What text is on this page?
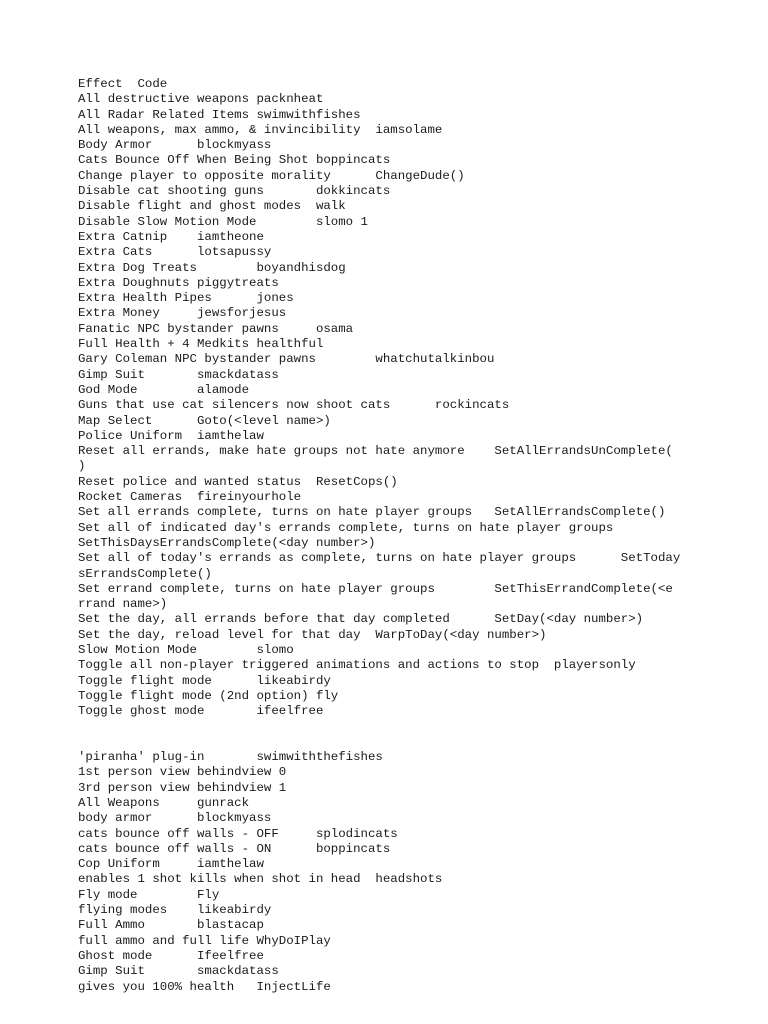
Effect  Code
All destructive weapons packnheat
All Radar Related Items swimwithfishes
All weapons, max ammo, & invincibility  iamsolame
Body Armor      blockmyass
Cats Bounce Off When Being Shot boppincats
Change player to opposite morality      ChangeDude()
Disable cat shooting guns       dokkincats
Disable flight and ghost modes  walk
Disable Slow Motion Mode        slomo 1
Extra Catnip    iamtheone
Extra Cats      lotsapussy
Extra Dog Treats        boyandhisdog
Extra Doughnuts piggytreats
Extra Health Pipes      jones
Extra Money     jewsforjesus
Fanatic NPC bystander pawns     osama
Full Health + 4 Medkits healthful
Gary Coleman NPC bystander pawns        whatchutalkinbou
Gimp Suit       smackdatass
God Mode        alamode
Guns that use cat silencers now shoot cats      rockincats
Map Select      Goto(<level name>)
Police Uniform  iamthelaw
Reset all errands, make hate groups not hate anymore    SetAllErrandsUnComplete(
)
Reset police and wanted status  ResetCops()
Rocket Cameras  fireinyourhole
Set all errands complete, turns on hate player groups   SetAllErrandsComplete()
Set all of indicated day's errands complete, turns on hate player groups
SetThisDaysErrandsComplete(<day number>)
Set all of today's errands as complete, turns on hate player groups      SetToday
sErrandsComplete()
Set errand complete, turns on hate player groups        SetThisErrandComplete(<e
rrand name>)
Set the day, all errands before that day completed      SetDay(<day number>)
Set the day, reload level for that day  WarpToDay(<day number>)
Slow Motion Mode        slomo
Toggle all non-player triggered animations and actions to stop  playersonly
Toggle flight mode      likeabirdy
Toggle flight mode (2nd option) fly
Toggle ghost mode       ifeelfree
'piranha' plug-in       swimwiththefishes
1st person view behindview 0
3rd person view behindview 1
All Weapons     gunrack
body armor      blockmyass
cats bounce off walls - OFF     splodincats
cats bounce off walls - ON      boppincats
Cop Uniform     iamthelaw
enables 1 shot kills when shot in head  headshots
Fly mode        Fly
flying modes    likeabirdy
Full Ammo       blastacap
full ammo and full life WhyDoIPlay
Ghost mode      Ifeelfree
Gimp Suit       smackdatass
gives you 100% health   InjectLife
